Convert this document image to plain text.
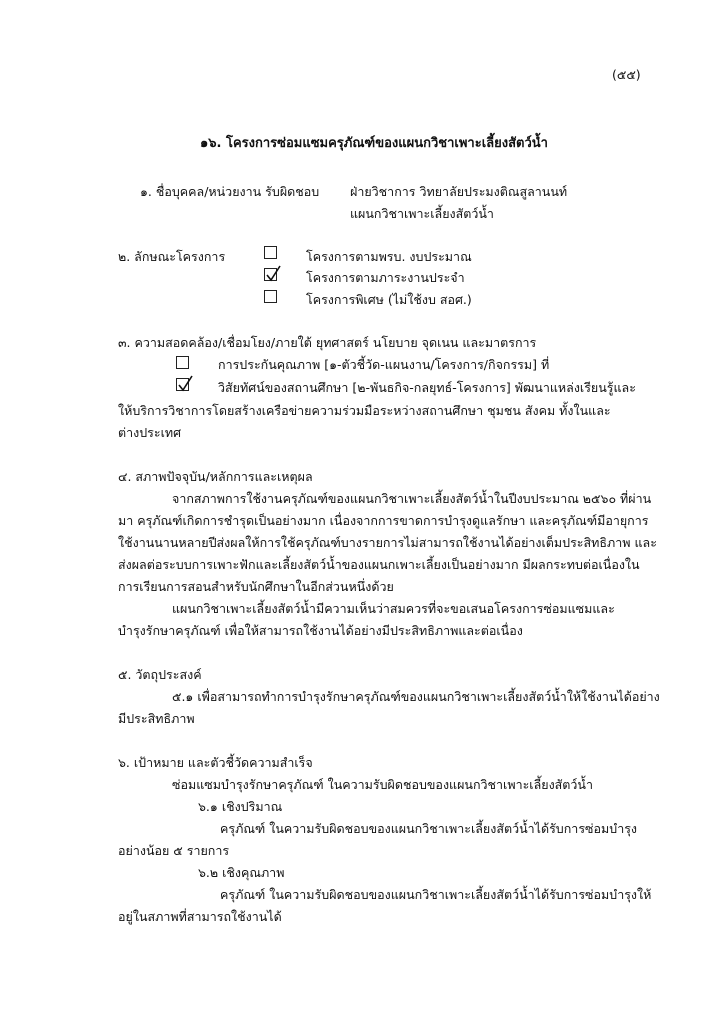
(๕๕)
๑๖. โครงการซ่อมแซมครุภัณฑ์ของแผนกวิชาเพาะเลี้ยงสัตว์น้ำ
๑. ชื่อบุคคล/หน่วยงาน รับผิดชอบ ฝ่ายวิชาการ วิทยาลัยประมงติณสูลานนท์
แผนกวิชาเพาะเลี้ยงสัตว์น้ำ
๒. ลักษณะโครงการ	โครงการตามพรบ. งบประมาณ
โครงการตามภาระงานประจำ
โครงการพิเศษ (ไม่ใช้งบ สอศ.)
๓. ความสอดคล้อง/เชื่อมโยง/ภายใต้ ยุทศาสตร์ นโยบาย จุดเนน และมาตรการ
การประกันคุณภาพ [๑-ตัวชี้วัด-แผนงาน/โครงการ/กิจกรรม] ที่
วิสัยทัศน์ของสถานศึกษา [๒-พันธกิจ-กลยุทธ์-โครงการ] พัฒนาแหล่งเรียนรู้และ
ให้บริการวิชาการโดยสร้างเครือข่ายความร่วมมือระหว่างสถานศึกษา ชุมชน สังคม ทั้งในและ
ต่างประเทศ
๔. สภาพปัจจุบัน/หลักการและเหตุผล
จากสภาพการใช้งานครุภัณฑ์ของแผนกวิชาเพาะเลี้ยงสัตว์น้ำในปีงบประมาณ ๒๕๖๐ ที่ผ่าน
มา ครุภัณฑ์เกิดการชำรุดเป็นอย่างมาก เนื่องจากการขาดการบำรุงดูแลรักษา และครุภัณฑ์มีอายุการ
ใช้งานนานหลายปีส่งผลให้การใช้ครุภัณฑ์บางรายการไม่สามารถใช้งานได้อย่างเต็มประสิทธิภาพ และ
ส่งผลต่อระบบการเพาะฟักและเลี้ยงสัตว์น้ำของแผนกเพาะเลี้ยงเป็นอย่างมาก มีผลกระทบต่อเนื่องใน
การเรียนการสอนสำหรับนักศึกษาในอีกส่วนหนึ่งด้วย
แผนกวิชาเพาะเลี้ยงสัตว์น้ำมีความเห็นว่าสมควรที่จะขอเสนอโครงการซ่อมแซมและ
บำรุงรักษาครุภัณฑ์ เพื่อให้สามารถใช้งานได้อย่างมีประสิทธิภาพและต่อเนื่อง
๕. วัตถุประสงค์
๕.๑ เพื่อสามารถทำการบำรุงรักษาครุภัณฑ์ของแผนกวิชาเพาะเลี้ยงสัตว์น้ำให้ใช้งานได้อย่าง
มีประสิทธิภาพ
๖. เป้าหมาย และตัวชี้วัดความสำเร็จ
ซ่อมแซมบำรุงรักษาครุภัณฑ์ ในความรับผิดชอบของแผนกวิชาเพาะเลี้ยงสัตว์น้ำ
๖.๑ เชิงปริมาณ
ครุภัณฑ์ ในความรับผิดชอบของแผนกวิชาเพาะเลี้ยงสัตว์น้ำได้รับการซ่อมบำรุง
อย่างน้อย ๕ รายการ
๖.๒ เชิงคุณภาพ
ครุภัณฑ์ ในความรับผิดชอบของแผนกวิชาเพาะเลี้ยงสัตว์น้ำได้รับการซ่อมบำรุงให้
อยู่ในสภาพที่สามารถใช้งานได้
